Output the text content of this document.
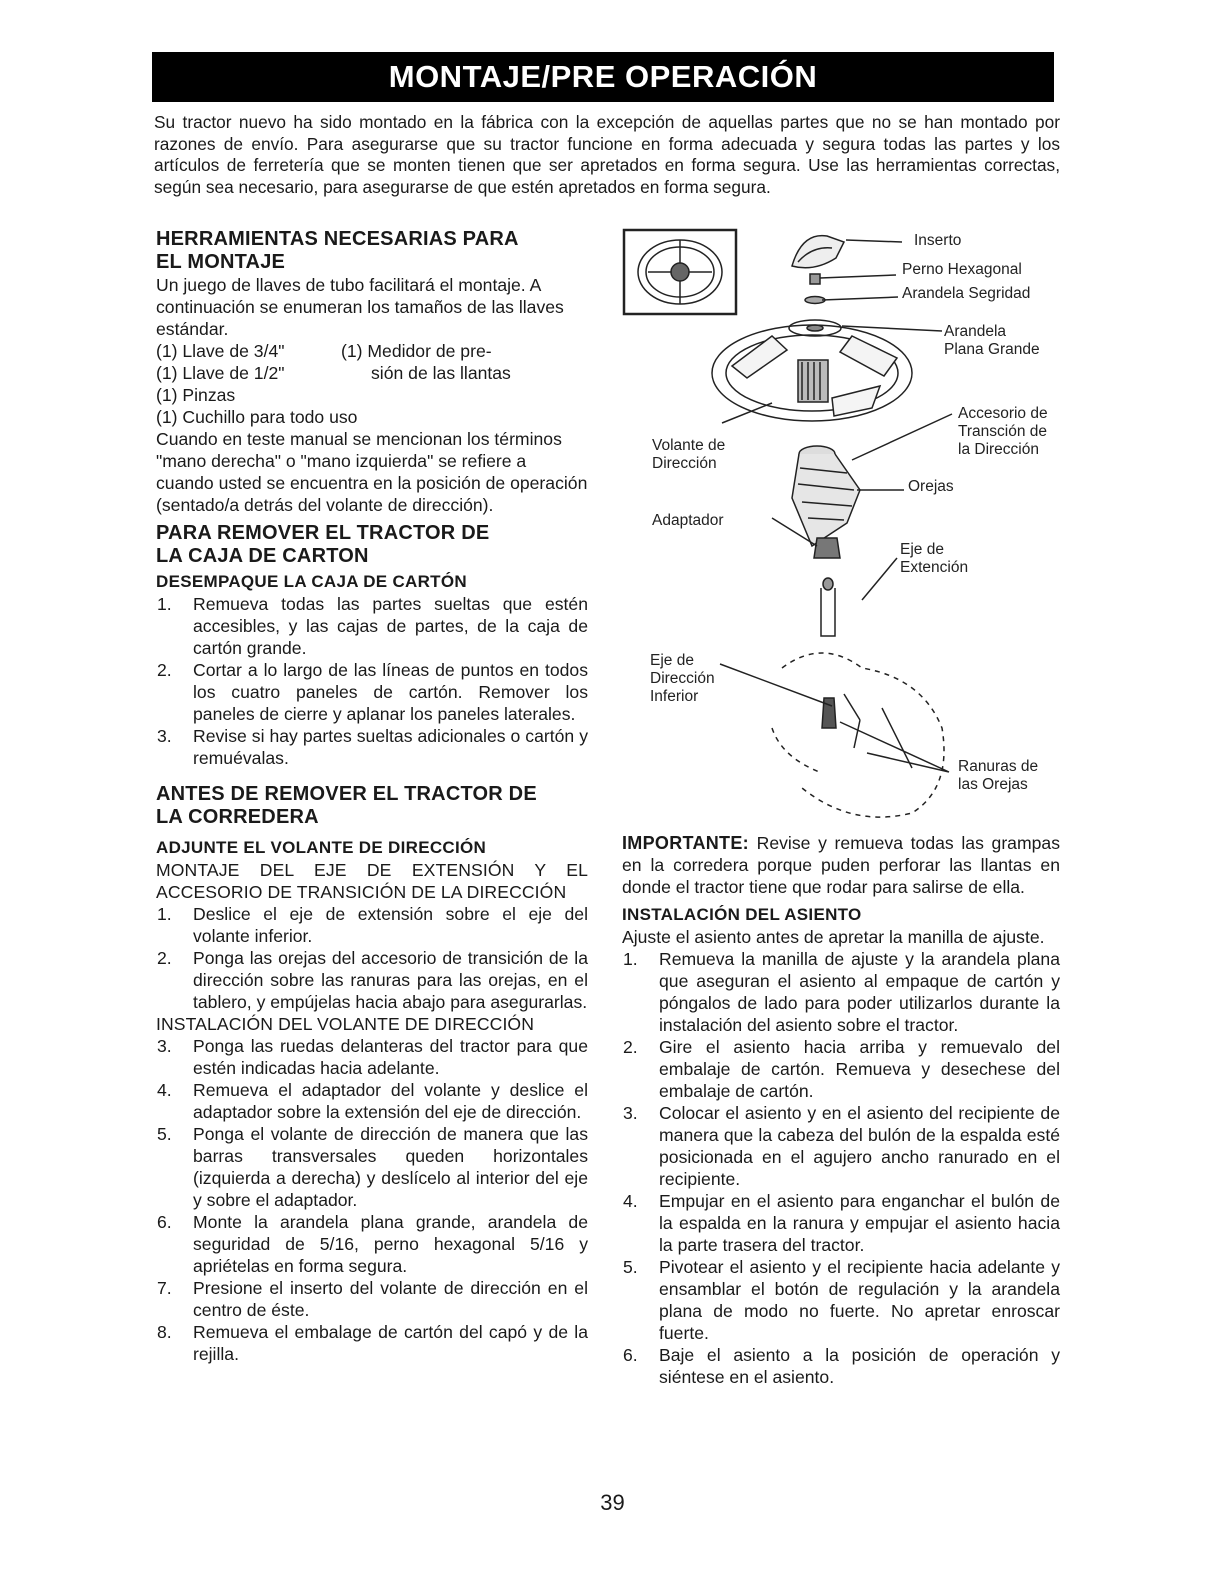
MONTAJE/PRE OPERACIÓN

Su tractor nuevo ha sido montado en la fábrica con la excepción de aquellas partes que no se han montado por razones de envío. Para asegurarse que su tractor funcione en forma adecuada y segura todas las partes y los artículos de ferretería que se monten tienen que ser apretados en forma segura. Use las herramientas correctas, según sea necesario, para asegurarse de que estén apretados en forma segura.

HERRAMIENTAS NECESARIAS PARA

EL MONTAJE

Un juego de llaves de tubo facilitará el montaje. A continuación se enumeran los tamaños de las llaves estándar.

(1) Llave de 3/4"	(1) Medidor de pre-
(1) Llave de 1/2"	sión de las llantas

(1) Pinzas

(1) Cuchillo para todo uso

Cuando en teste manual se mencionan los términos "mano derecha" o "mano izquierda" se refiere a cuando usted se encuentra en la posición de operación (sentado/a detrás del volante de dirección).

PARA REMOVER EL TRACTOR DE

LA CAJA DE CARTON

DESEMPAQUE LA CAJA DE CARTÓN

1. Remueva todas las partes sueltas que estén accesibles, y las cajas de partes, de la caja de cartón grande.
2. Cortar a lo largo de las líneas de puntos en todos los cuatro paneles de cartón. Remover los paneles de cierre y aplanar los paneles laterales.
3. Revise si hay partes sueltas adicionales o cartón y remuévalas.

ANTES DE REMOVER EL TRACTOR DE

LA CORREDERA

ADJUNTE EL VOLANTE DE DIRECCIÓN

MONTAJE DEL EJE DE EXTENSIÓN Y EL ACCESORIO DE TRANSICIÓN DE LA DIRECCIÓN

1. Deslice el eje de extensión sobre el eje del volante inferior.
2. Ponga las orejas del accesorio de transición de la dirección sobre las ranuras para las orejas, en el tablero, y empújelas hacia abajo para asegurarlas.

INSTALACIÓN DEL VOLANTE DE DIRECCIÓN

3. Ponga las ruedas delanteras del tractor para que estén indicadas hacia adelante.
4. Remueva el adaptador del volante y deslice el adaptador sobre la extensión del eje de dirección.
5. Ponga el volante de dirección de manera que las barras transversales queden horizontales (izquierda a derecha) y deslícelo al interior del eje y sobre el adaptador.
6. Monte la arandela plana grande, arandela de seguridad de 5/16, perno hexagonal 5/16 y apriételas en forma segura.
7. Presione el inserto del volante de dirección en el centro de éste.
8. Remueva el embalage de cartón del capó y de la rejilla.
Inserto
Perno Hexagonal
Arandela Segridad
Arandela
Plana Grande
Accesorio de
Transción de
la Dirección
Volante de
Dirección
Orejas
Adaptador
Eje de
Extención
Eje de
Dirección
Inferior
Ranuras de
las Orejas

IMPORTANTE: Revise y remueva todas las grampas en la corredera porque puden perforar las llantas en donde el tractor tiene que rodar para salirse de ella.

INSTALACIÓN DEL ASIENTO

Ajuste el asiento antes de apretar la manilla de ajuste.

1. Remueva la manilla de ajuste y la arandela plana que aseguran el asiento al empaque de cartón y póngalos de lado para poder utilizarlos durante la instalación del asiento sobre el tractor.
2. Gire el asiento hacia arriba y remuevalo del embalaje de cartón. Remueva y desechese del embalaje de cartón.
3. Colocar el asiento y en el asiento del recipiente de manera que la cabeza del bulón de la espalda esté posicionada en el agujero ancho ranurado en el recipiente.
4. Empujar en el asiento para enganchar el bulón de la espalda en la ranura y empujar el asiento hacia la parte trasera del tractor.
5. Pivotear el asiento y el recipiente hacia adelante y ensamblar el botón de regulación y la arandela plana de modo no fuerte. No apretar enroscar fuerte.
6. Baje el asiento a la posición de operación y siéntese en el asiento.
39
